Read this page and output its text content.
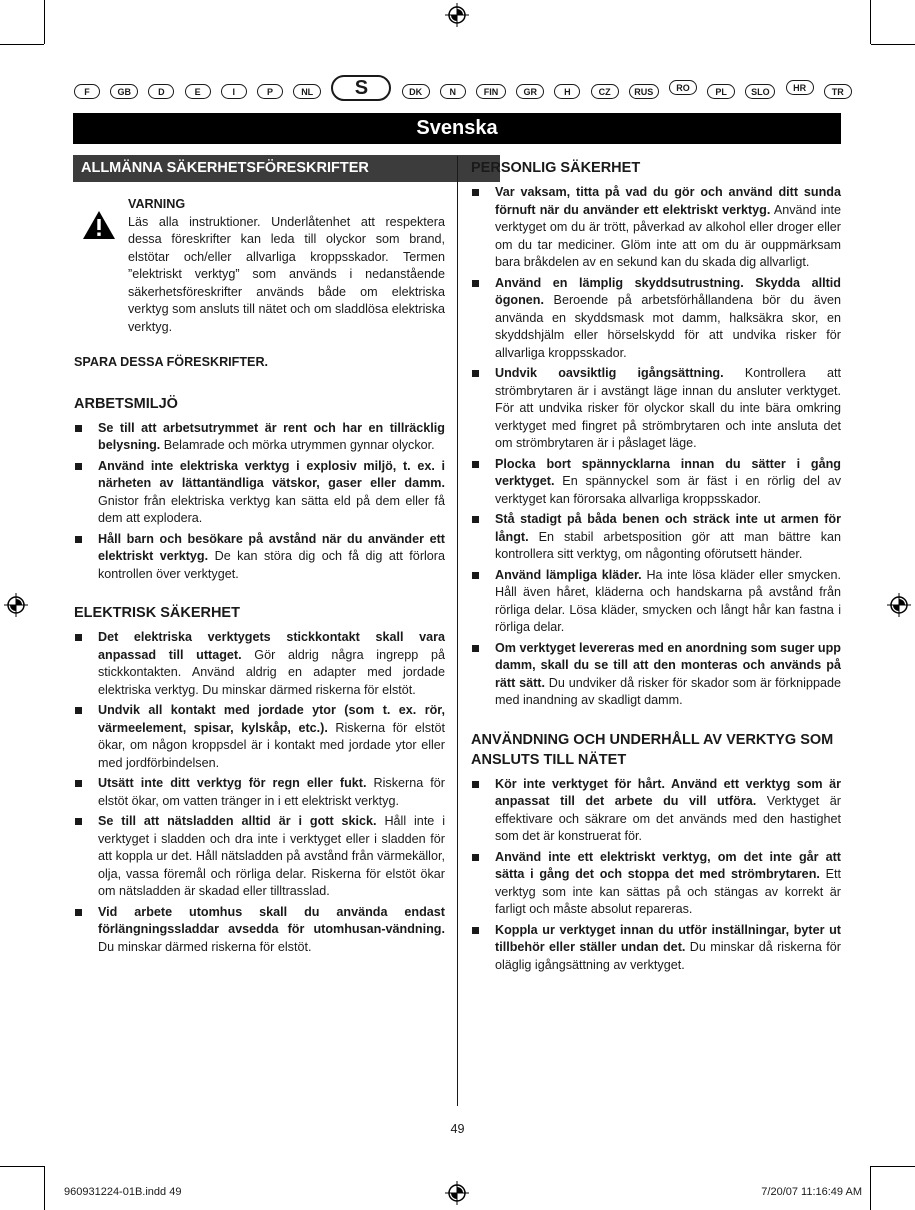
F	GB	D	E	I	P	NL	S	DK	N	FIN	GR	H	CZ	RUS	RO	PL	SLO	HR	TR
Svenska
ALLMÄNNA SÄKERHETSFÖRESKRIFTER
VARNING
Läs alla instruktioner. Underlåtenhet att respektera dessa föreskrifter kan leda till olyckor som brand, elstötar och/eller allvarliga kroppsskador. Termen ”elektriskt verktyg” som används i nedanstående säkerhetsföreskrifter används både om elektriska verktyg som ansluts till nätet och om sladdlösa elektriska verktyg.
SPARA DESSA FÖRESKRIFTER.
ARBETSMILJÖ
Se till att arbetsutrymmet är rent och har en tillräcklig belysning. Belamrade och mörka utrymmen gynnar olyckor.
Använd inte elektriska verktyg i explosiv miljö, t. ex. i närheten av lättantändliga vätskor, gaser eller damm. Gnistor från elektriska verktyg kan sätta eld på dem eller få dem att explodera.
Håll barn och besökare på avstånd när du använder ett elektriskt verktyg. De kan störa dig och få dig att förlora kontrollen över verktyget.
ELEKTRISK SÄKERHET
Det elektriska verktygets stickkontakt skall vara anpassad till uttaget. Gör aldrig några ingrepp på stickkontakten. Använd aldrig en adapter med jordade elektriska verktyg. Du minskar därmed riskerna för elstöt.
Undvik all kontakt med jordade ytor (som t. ex. rör, värmeelement, spisar, kylskåp, etc.). Riskerna för elstöt ökar, om någon kroppsdel är i kontakt med jordade ytor eller med jordförbindelsen.
Utsätt inte ditt verktyg för regn eller fukt. Riskerna för elstöt ökar, om vatten tränger in i ett elektriskt verktyg.
Se till att nätsladden alltid är i gott skick. Håll inte i verktyget i sladden och dra inte i verktyget eller i sladden för att koppla ur det. Håll nätsladden på avstånd från värmekällor, olja, vassa föremål och rörliga delar. Riskerna för elstöt ökar om nätsladden är skadad eller tilltrasslad.
Vid arbete utomhus skall du använda endast förlängningssladdar avsedda för utomhusan-vändning. Du minskar därmed riskerna för elstöt.
PERSONLIG SÄKERHET
Var vaksam, titta på vad du gör och använd ditt sunda förnuft när du använder ett elektriskt verktyg. Använd inte verktyget om du är trött, påverkad av alkohol eller droger eller om du tar mediciner. Glöm inte att om du är ouppmärksam bara bråkdelen av en sekund kan du skada dig allvarligt.
Använd en lämplig skyddsutrustning. Skydda alltid ögonen. Beroende på arbetsförhållandena bör du även använda en skyddsmask mot damm, halksäkra skor, en skyddshjälm eller hörselskydd för att undvika risker för allvarliga kroppsskador.
Undvik oavsiktlig igångsättning. Kontrollera att strömbrytaren är i avstängt läge innan du ansluter verktyget. För att undvika risker för olyckor skall du inte bära omkring verktyget med fingret på strömbrytaren och inte ansluta det om strömbrytaren är i påslaget läge.
Plocka bort spännycklarna innan du sätter i gång verktyget. En spännyckel som är fäst i en rörlig del av verktyget kan förorsaka allvarliga kroppsskador.
Stå stadigt på båda benen och sträck inte ut armen för långt. En stabil arbetsposition gör att man bättre kan kontrollera sitt verktyg, om någonting oförutsett händer.
Använd lämpliga kläder. Ha inte lösa kläder eller smycken. Håll även håret, kläderna och handskarna på avstånd från rörliga delar. Lösa kläder, smycken och långt hår kan fastna i rörliga delar.
Om verktyget levereras med en anordning som suger upp damm, skall du se till att den monteras och används på rätt sätt. Du undviker då risker för skador som är förknippade med inandning av skadligt damm.
ANVÄNDNING OCH UNDERHÅLL AV VERKTYG SOM ANSLUTS TILL NÄTET
Kör inte verktyget för hårt. Använd ett verktyg som är anpassat till det arbete du vill utföra. Verktyget är effektivare och säkrare om det används med den hastighet som det är konstruerat för.
Använd inte ett elektriskt verktyg, om det inte går att sätta i gång det och stoppa det med strömbrytaren. Ett verktyg som inte kan sättas på och stängas av korrekt är farligt och måste absolut repareras.
Koppla ur verktyget innan du utför inställningar, byter ut tillbehör eller ställer undan det. Du minskar då riskerna för oläglig igångsättning av verktyget.
49
960931224-01B.indd 49	7/20/07 11:16:49 AM
